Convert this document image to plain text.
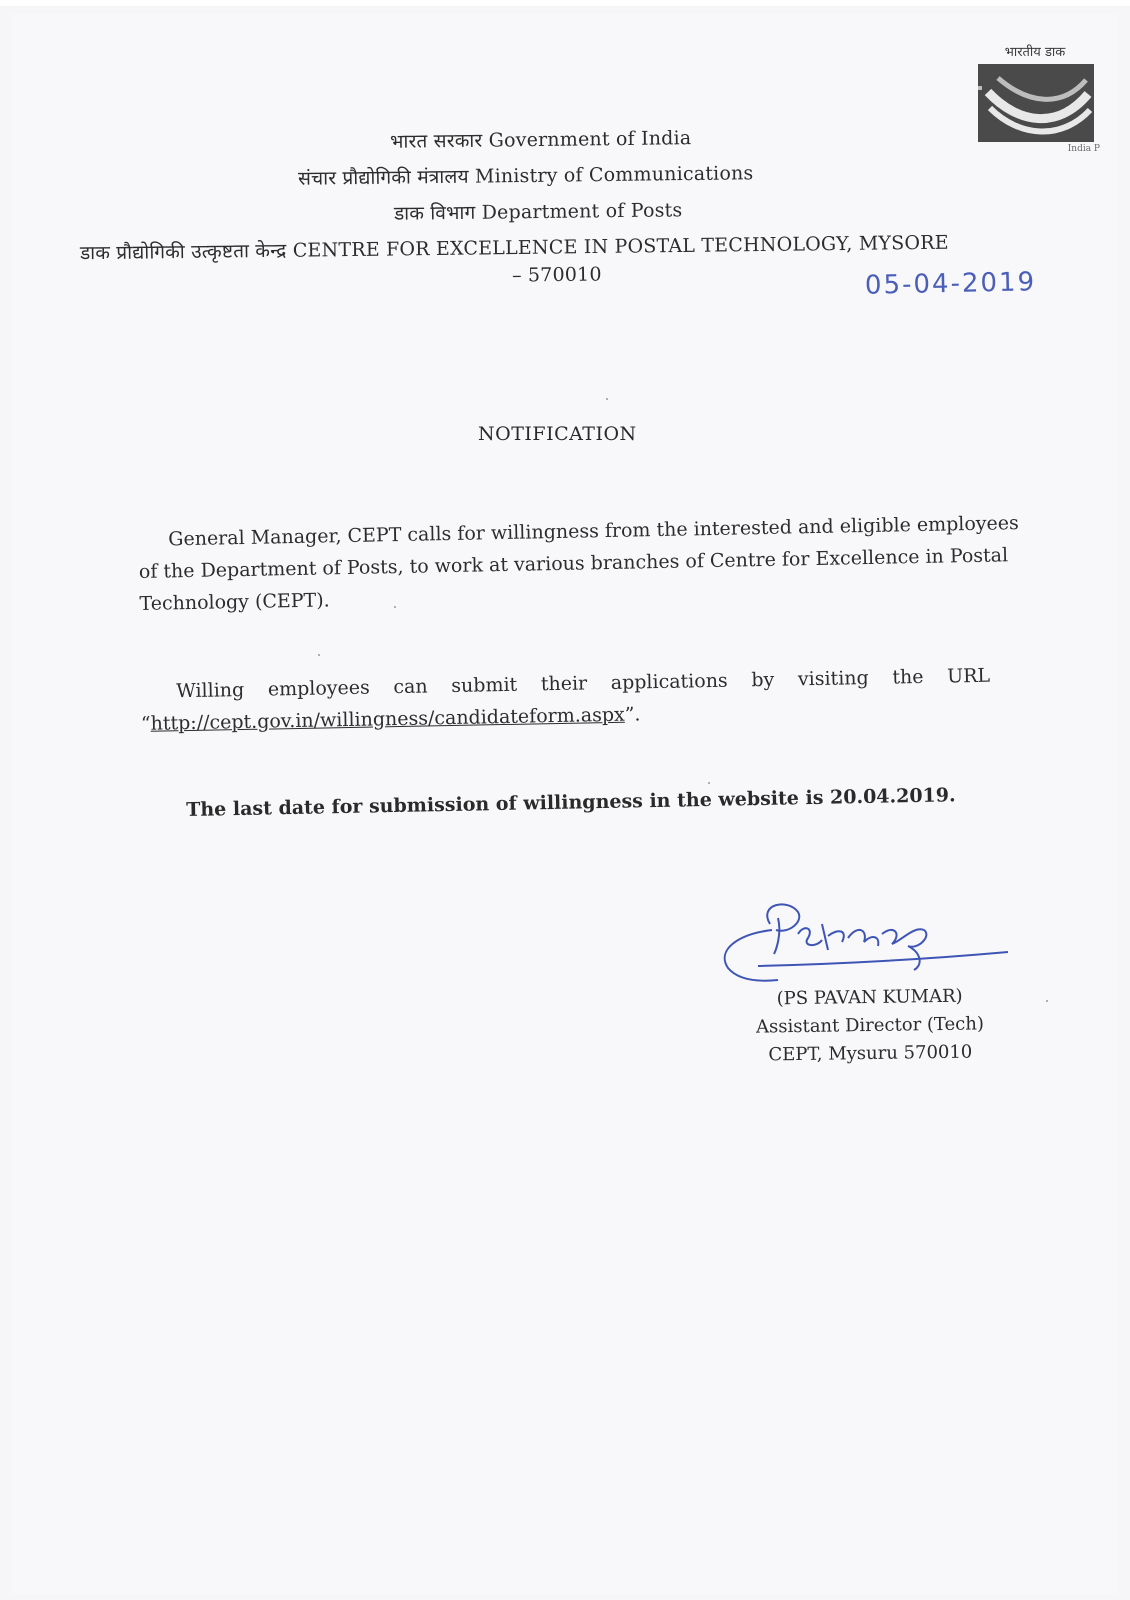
भारतीय डाक
India P
भारत सरकार Government of India
संचार प्रौद्योगिकी मंत्रालय Ministry of Communications
डाक विभाग Department of Posts
डाक प्रौद्योगिकी उत्कृष्टता केन्द्र CENTRE FOR EXCELLENCE IN POSTAL TECHNOLOGY, MYSORE
– 570010	05-04-2019
NOTIFICATION
General Manager, CEPT calls for willingness from the interested and eligible employees
of the Department of Posts, to work at various branches of Centre for Excellence in Postal
Technology (CEPT).
Willing employees can submit their applications by visiting the URL
“http://cept.gov.in/willingness/candidateform.aspx”.
The last date for submission of willingness in the website is 20.04.2019.
(PS PAVAN KUMAR)
Assistant Director (Tech)
CEPT, Mysuru 570010
